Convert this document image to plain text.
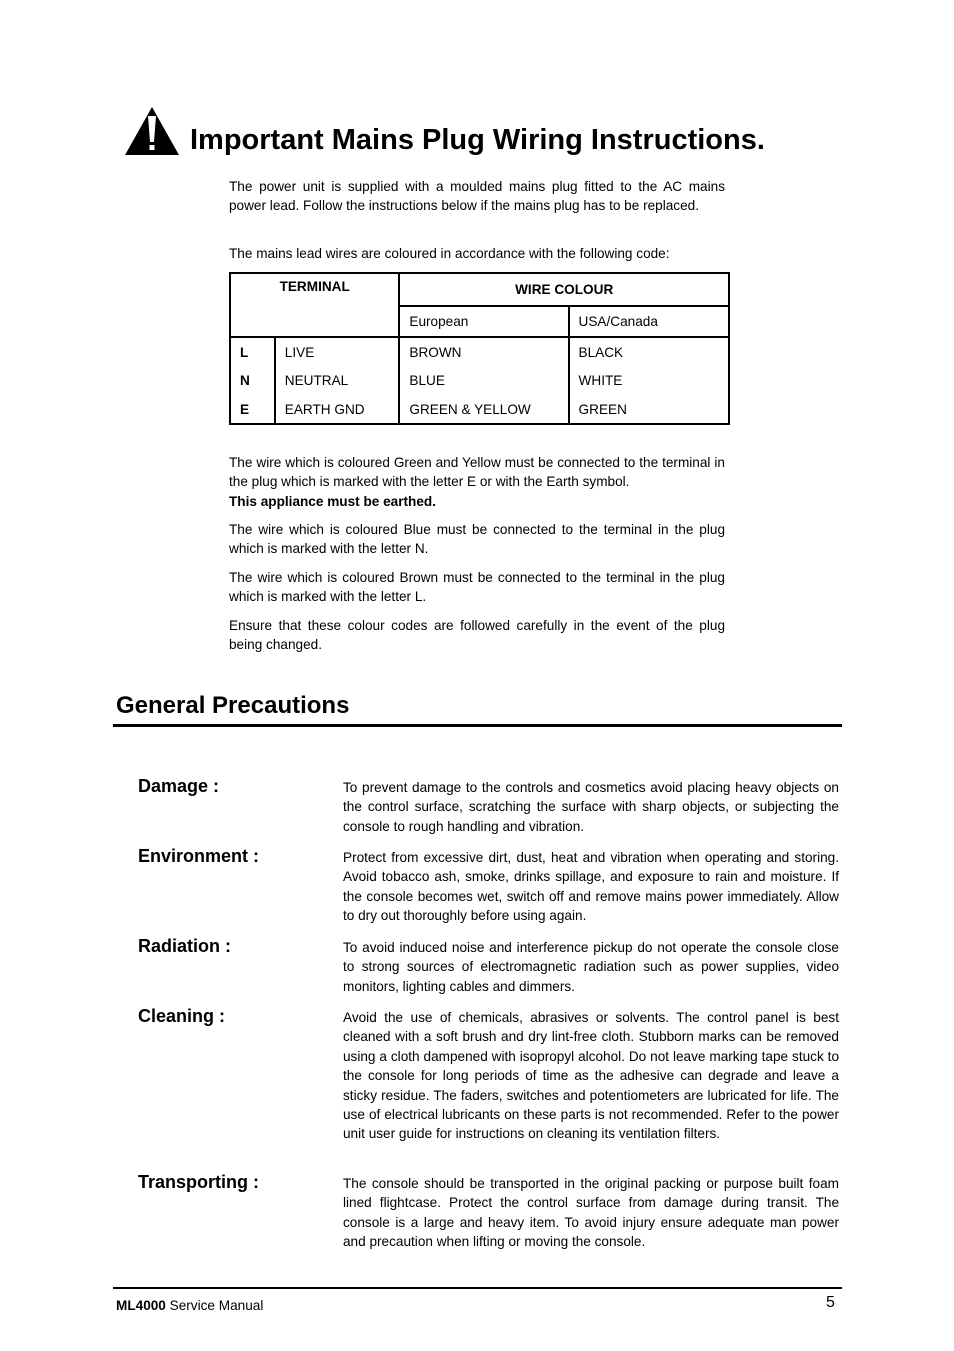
Important Mains Plug Wiring Instructions.
The power unit is supplied with a moulded mains plug fitted to the AC mains power lead. Follow the instructions below if the mains plug has to be replaced.
The mains lead wires are coloured in accordance with the following code:
TERMINAL		WIRE COLOUR	
		European	USA/Canada
L	LIVE	BROWN	BLACK
N	NEUTRAL	BLUE	WHITE
E	EARTH GND	GREEN & YELLOW	GREEN
The wire which is coloured Green and Yellow must be connected to the terminal in the plug which is marked with the letter E or with the Earth symbol.
This appliance must be earthed.
The wire which is coloured Blue must be connected to the terminal in the plug which is marked with the letter N.
The wire which is coloured Brown must be connected to the terminal in the plug which is marked with the letter L.
Ensure that these colour codes are followed carefully in the event of the plug being changed.
General Precautions
Damage :	To prevent damage to the controls and cosmetics avoid placing heavy objects on the control surface, scratching the surface with sharp objects, or subjecting the console to rough handling and vibration.
Environment :	Protect from excessive dirt, dust, heat and vibration when operating and storing. Avoid tobacco ash, smoke, drinks spillage, and exposure to rain and moisture. If the console becomes wet, switch off and remove mains power immediately. Allow to dry out thoroughly before using again.
Radiation :	To avoid induced noise and interference pickup do not operate the console close to strong sources of electromagnetic radiation such as power supplies, video monitors, lighting cables and dimmers.
Cleaning :	Avoid the use of chemicals, abrasives or solvents. The control panel is best cleaned with a soft brush and dry lint-free cloth. Stubborn marks can be removed using a cloth dampened with isopropyl alcohol. Do not leave marking tape stuck to the console for long periods of time as the adhesive can degrade and leave a sticky residue. The faders, switches and potentiometers are lubricated for life. The use of electrical lubricants on these parts is not recommended. Refer to the power unit user guide for instructions on cleaning its ventilation filters.
Transporting :	The console should be transported in the original packing or purpose built foam lined flightcase. Protect the control surface from damage during transit. The console is a large and heavy item. To avoid injury ensure adequate man power and precaution when lifting or moving the console.
ML4000 Service Manual	5
